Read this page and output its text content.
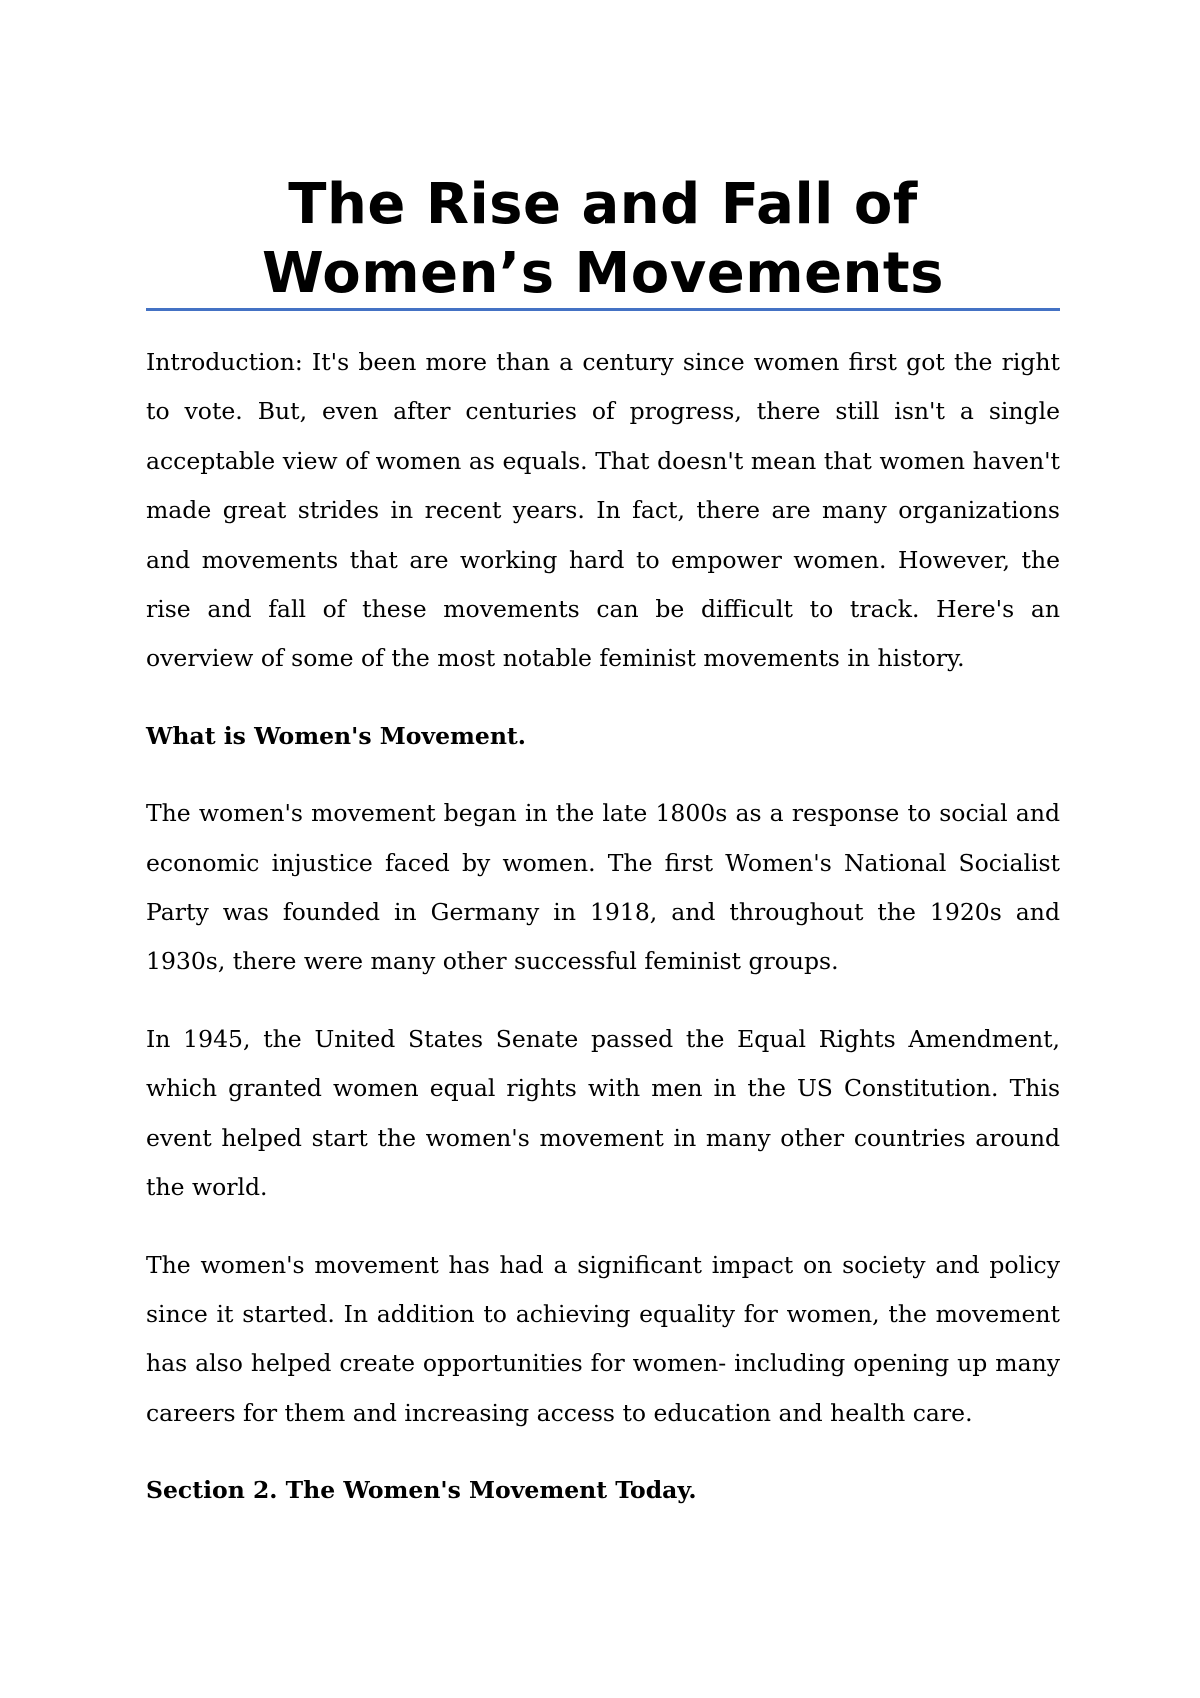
The Rise and Fall of
Women’s Movements

Introduction: It's been more than a century since women first got the right to vote. But, even after centuries of progress, there still isn't a single acceptable view of women as equals. That doesn't mean that women haven't made great strides in recent years. In fact, there are many organizations and movements that are working hard to empower women. However, the rise and fall of these movements can be difficult to track. Here's an overview of some of the most notable feminist movements in history.

What is Women's Movement.

The women's movement began in the late 1800s as a response to social and economic injustice faced by women. The first Women's National Socialist Party was founded in Germany in 1918, and throughout the 1920s and 1930s, there were many other successful feminist groups.

In 1945, the United States Senate passed the Equal Rights Amendment, which granted women equal rights with men in the US Constitution. This event helped start the women's movement in many other countries around the world.

The women's movement has had a significant impact on society and policy since it started. In addition to achieving equality for women, the movement has also helped create opportunities for women- including opening up many careers for them and increasing access to education and health care.

Section 2. The Women's Movement Today.
